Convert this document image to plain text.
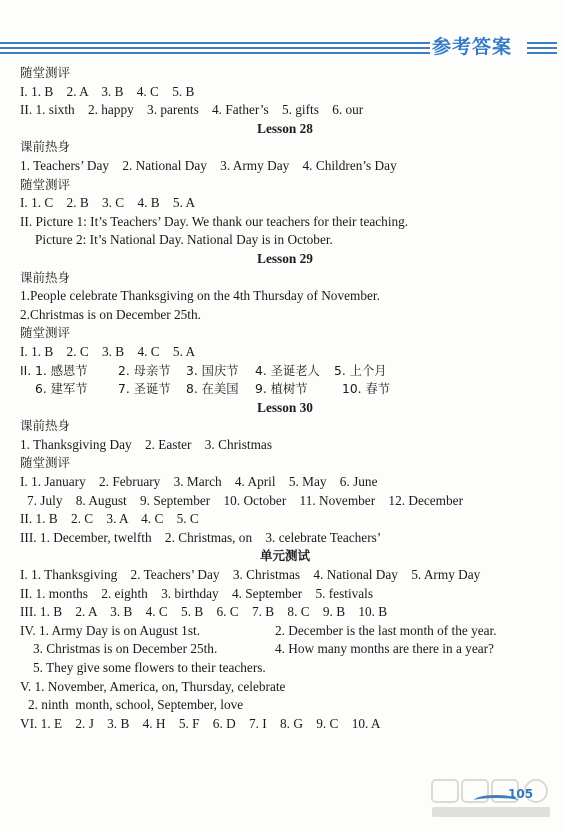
参考答案
随堂测评
I. 1. B    2. A    3. B    4. C    5. B
II. 1. sixth    2. happy    3. parents    4. Father’s    5. gifts    6. our
Lesson 28
课前热身
1. Teachers’ Day    2. National Day    3. Army Day    4. Children’s Day
随堂测评
I. 1. C    2. B    3. C    4. B    5. A
II. Picture 1: It’s Teachers’ Day. We thank our teachers for their teaching.
Picture 2: It’s National Day. National Day is in October.
Lesson 29
课前热身
1.People celebrate Thanksgiving on the 4th Thursday of November.
2.Christmas is on December 25th.
随堂测评
I. 1. B    2. C    3. B    4. C    5. A
II. 1. 感恩节 2. 母亲节 3. 国庆节 4. 圣诞老人 5. 上个月
6. 建军节 7. 圣诞节 8. 在美国 9. 植树节	10. 春节
Lesson 30
课前热身
1. Thanksgiving Day    2. Easter    3. Christmas
随堂测评
I. 1. January    2. February    3. March    4. April    5. May    6. June
7. July    8. August    9. September    10. October    11. November    12. December
II. 1. B    2. C    3. A    4. C    5. C
III. 1. December, twelfth    2. Christmas, on    3. celebrate Teachers’
单元测试
I. 1. Thanksgiving    2. Teachers’ Day    3. Christmas    4. National Day    5. Army Day
II. 1. months    2. eighth    3. birthday    4. September    5. festivals
III. 1. B    2. A    3. B    4. C    5. B    6. C    7. B    8. C    9. B    10. B
IV. 1. Army Day is on August 1st.	2. December is the last month of the year.
3. Christmas is on December 25th.	4. How many months are there in a year?
5. They give some flowers to their teachers.
V. 1. November, America, on, Thursday, celebrate
2. ninth  month, school, September, love
VI. 1. E    2. J    3. B    4. H    5. F    6. D    7. I    8. G    9. C    10. A
105
